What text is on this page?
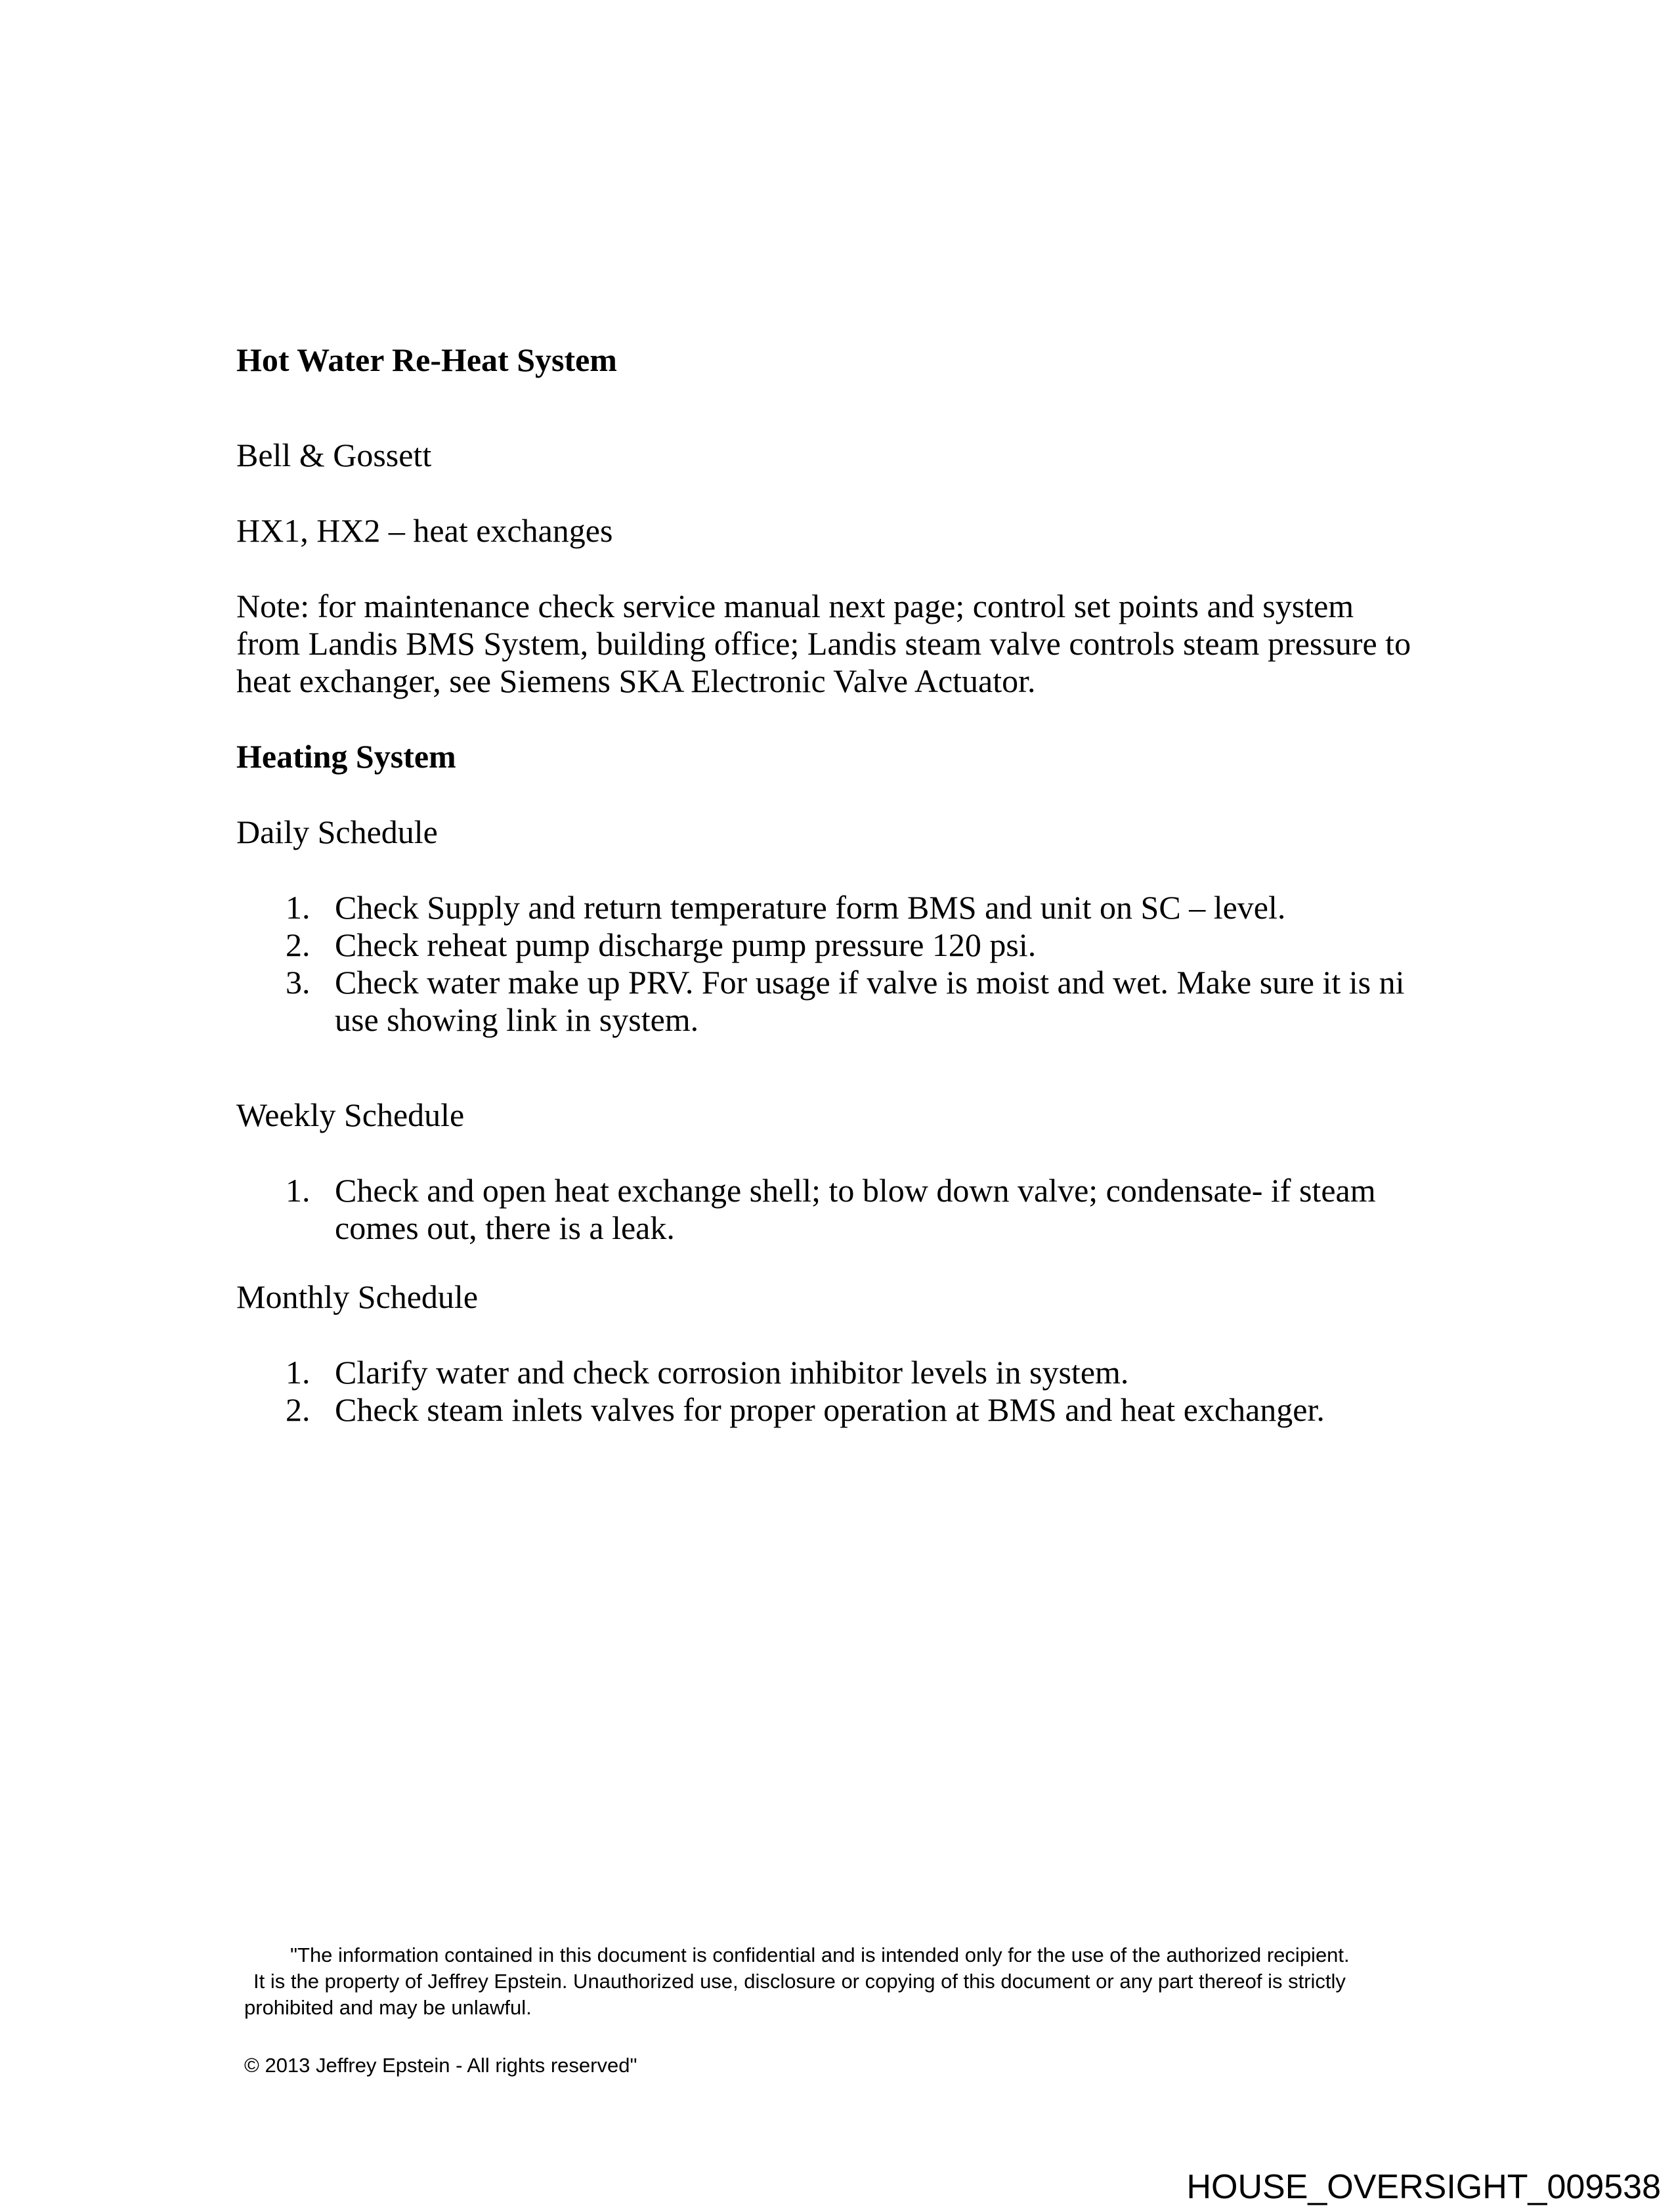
Hot Water Re-Heat System

Bell & Gossett

HX1, HX2 – heat exchanges

Note: for maintenance check service manual next page; control set points and system
from Landis BMS System, building office; Landis steam valve controls steam pressure to
heat exchanger, see Siemens SKA Electronic Valve Actuator.
Heating System

Daily Schedule

1. Check Supply and return temperature form BMS and unit on SC – level.
2. Check reheat pump discharge pump pressure 120 psi.
3. Check water make up PRV. For usage if valve is moist and wet. Make sure it is ni
use showing link in system.

Weekly Schedule

1. Check and open heat exchange shell; to blow down valve; condensate- if steam
comes out, there is a leak.

Monthly Schedule

1. Clarify water and check corrosion inhibitor levels in system.
2. Check steam inlets valves for proper operation at BMS and heat exchanger.
"The information contained in this document is confidential and is intended only for the use of the authorized recipient.
It is the property of Jeffrey Epstein. Unauthorized use, disclosure or copying of this document or any part thereof is strictly
prohibited and may be unlawful.
© 2013 Jeffrey Epstein - All rights reserved"
HOUSE_OVERSIGHT_009538
